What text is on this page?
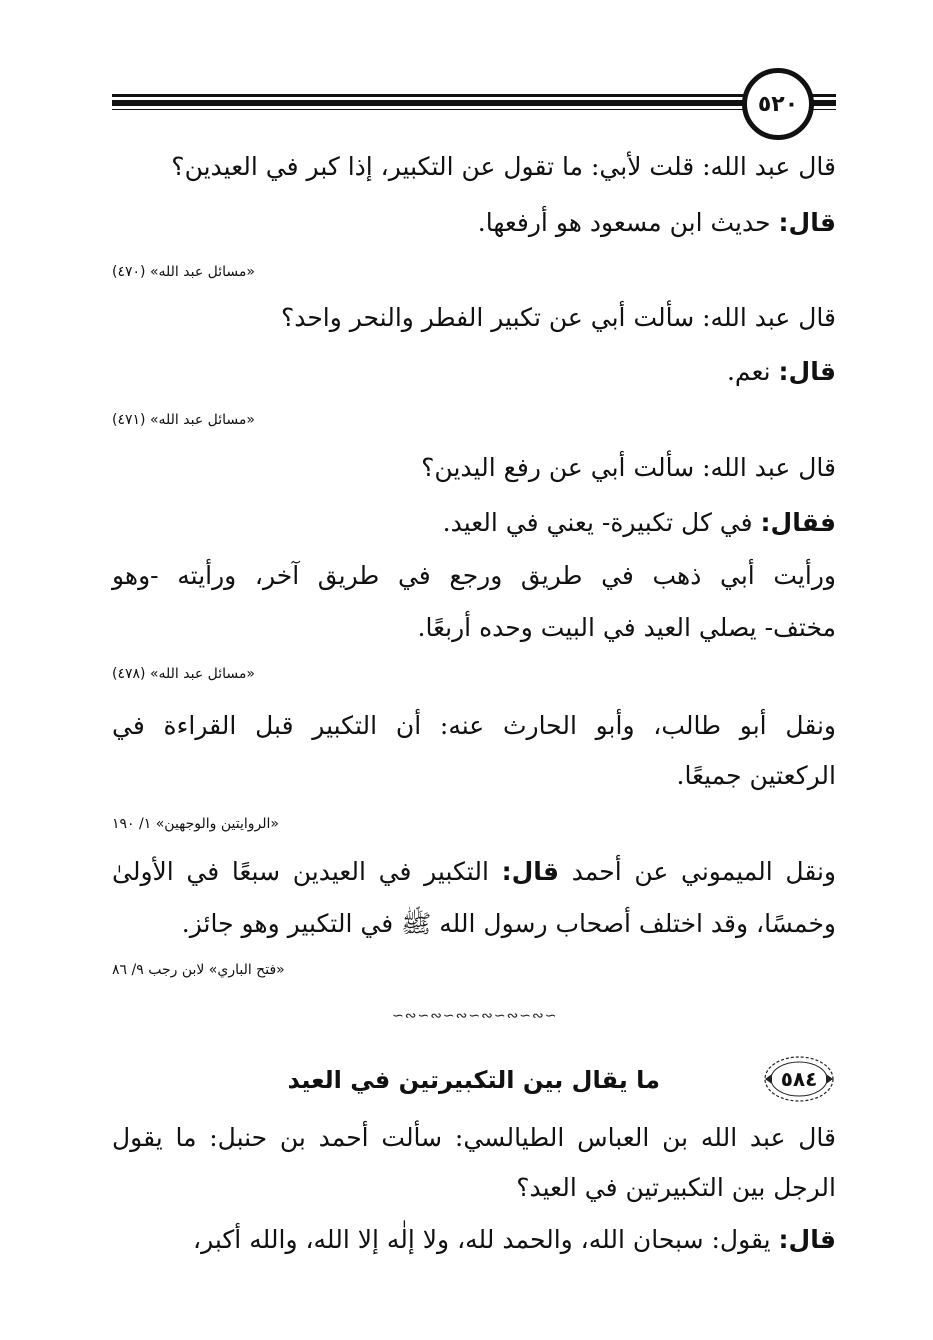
٥٢٠
قال عبد الله: قلت لأبي: ما تقول عن التكبير، إذا كبر في العيدين؟
قال: حديث ابن مسعود هو أرفعها.
«مسائل عبد الله» (٤٧٠)
قال عبد الله: سألت أبي عن تكبير الفطر والنحر واحد؟
قال: نعم.
«مسائل عبد الله» (٤٧١)
قال عبد الله: سألت أبي عن رفع اليدين؟
فقال: في كل تكبيرة- يعني في العيد.
ورأيت أبي ذهب في طريق ورجع في طريق آخر، ورأيته -وهو
مختف- يصلي العيد في البيت وحده أربعًا.
«مسائل عبد الله» (٤٧٨)
ونقل أبو طالب، وأبو الحارث عنه: أن التكبير قبل القراءة في
الركعتين جميعًا.
«الروايتين والوجهين» ١/ ١٩٠
ونقل الميموني عن أحمد قال: التكبير في العيدين سبعًا في الأولىٰ
وخمسًا، وقد اختلف أصحاب رسول الله ﷺ في التكبير وهو جائز.
«فتح الباري» لابن رجب ٩/ ٨٦
∽∾∽∾∽∾∽∾∽∾∽∾∽
٥٨٤
ما يقال بين التكبيرتين في العيد
قال عبد الله بن العباس الطيالسي: سألت أحمد بن حنبل: ما يقول
الرجل بين التكبيرتين في العيد؟
قال: يقول: سبحان الله، والحمد لله، ولا إلٰه إلا الله، والله أكبر،
